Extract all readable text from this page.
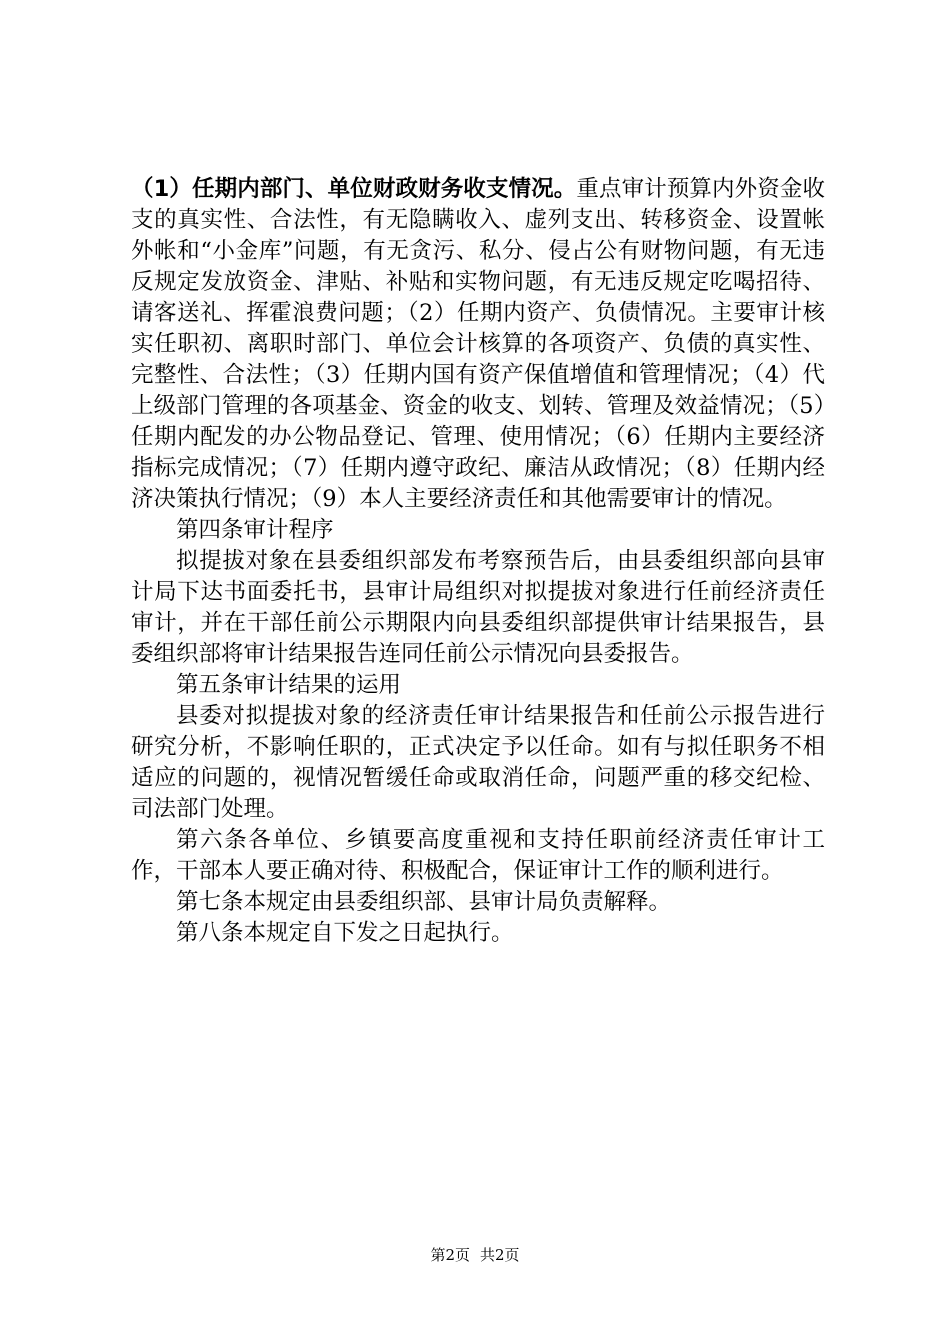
（1）任期内部门、单位财政财务收支情况。重点审计预算内外资金收支的真实性、合法性，有无隐瞒收入、虚列支出、转移资金、设置帐外帐和“小金库”问题，有无贪污、私分、侵占公有财物问题，有无违反规定发放资金、津贴、补贴和实物问题，有无违反规定吃喝招待、请客送礼、挥霍浪费问题；（2）任期内资产、负债情况。主要审计核实任职初、离职时部门、单位会计核算的各项资产、负债的真实性、完整性、合法性；（3）任期内国有资产保值增值和管理情况；（4）代上级部门管理的各项基金、资金的收支、划转、管理及效益情况；（5）任期内配发的办公物品登记、管理、使用情况；（6）任期内主要经济指标完成情况；（7）任期内遵守政纪、廉洁从政情况；（8）任期内经济决策执行情况；（9）本人主要经济责任和其他需要审计的情况。

第四条审计程序

拟提拔对象在县委组织部发布考察预告后，由县委组织部向县审计局下达书面委托书，县审计局组织对拟提拔对象进行任前经济责任审计，并在干部任前公示期限内向县委组织部提供审计结果报告，县委组织部将审计结果报告连同任前公示情况向县委报告。

第五条审计结果的运用

县委对拟提拔对象的经济责任审计结果报告和任前公示报告进行研究分析，不影响任职的，正式决定予以任命。如有与拟任职务不相适应的问题的，视情况暂缓任命或取消任命，问题严重的移交纪检、司法部门处理。

第六条各单位、乡镇要高度重视和支持任职前经济责任审计工作，干部本人要正确对待、积极配合，保证审计工作的顺利进行。

第七条本规定由县委组织部、县审计局负责解释。

第八条本规定自下发之日起执行。

第2页 共2页
